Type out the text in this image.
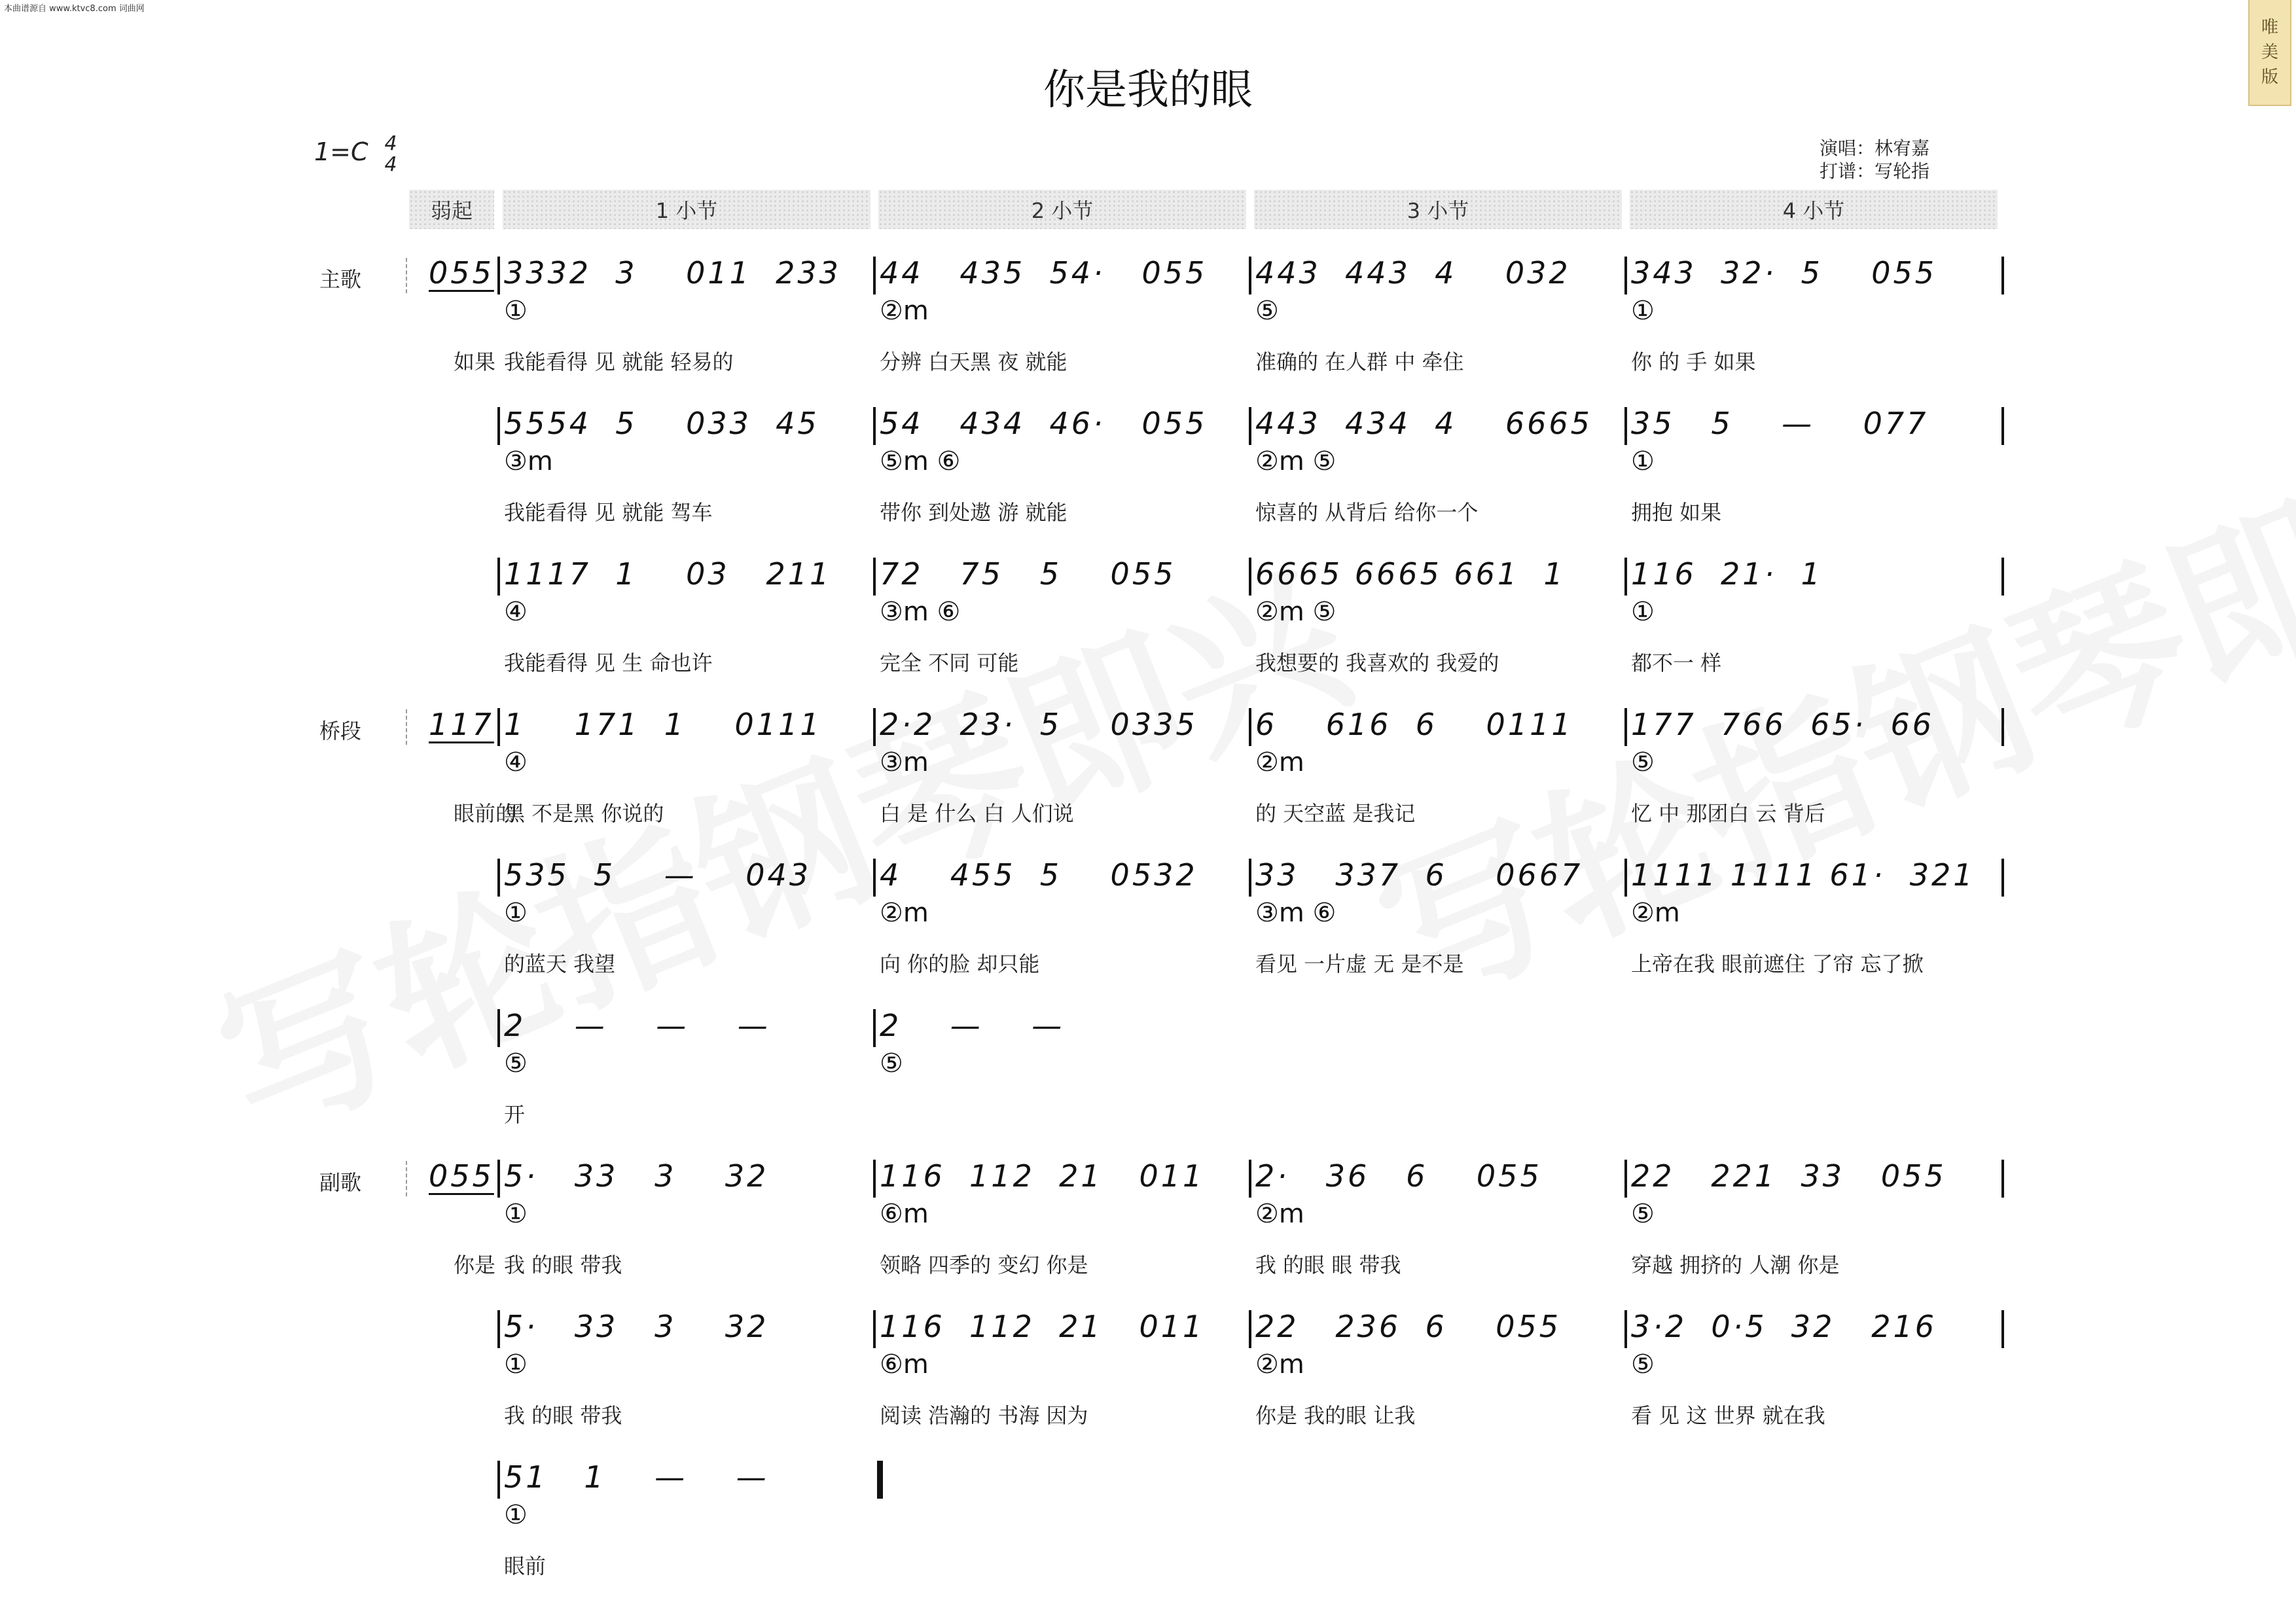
本曲谱源自 www.ktvc8.com 词曲网
唯
美
版
你是我的眼
1=C 4
4
演唱：林宥嘉
打谱：写轮指
弱起	1 小节	2 小节	3 小节	4 小节
主歌 055
如果
3332  3    011  233
①
我能看得 见 就能 轻易的
44   435  54·   055
②m
分辨 白天黑 夜 就能
443  443  4    032
⑤
准确的 在人群 中 牵住
343  32·  5    055
①
你 的 手 如果
5554  5    033  45
③m
我能看得 见 就能 驾车
54   434  46·   055
⑤m ⑥
带你 到处遨 游 就能
443  434  4    6665
②m ⑤
惊喜的 从背后 给你一个
35   5    —    077
①
拥抱 如果
1117  1    03   211
④
我能看得 见 生 命也许
72   75   5    055
③m ⑥
完全 不同 可能
6665 6665 661  1
②m ⑤
我想要的 我喜欢的 我爱的
116  21·  1
①
都不一 样
桥段 117
眼前的
1    171  1    0111
④
黑 不是黑 你说的
2·2  23·  5    0335
③m
白 是 什么 白 人们说
6    616  6    0111
②m
的 天空蓝 是我记
177  766  65·  66
⑤
忆 中 那团白 云 背后
535  5    —    043
①
的蓝天 我望
4    455  5    0532
②m
向 你的脸 却只能
33   337  6    0667
③m ⑥
看见 一片虚 无 是不是
1111 1111 61·  321
②m
上帝在我 眼前遮住 了帘 忘了掀
2    —    —    —
⑤
开
2    —    —
⑤
副歌 055
你是
5·   33   3    32
①
我 的眼 带我
116  112  21   011
⑥m
领略 四季的 变幻 你是
2·   36   6    055
②m
我 的眼 眼 带我
22   221  33   055
⑤
穿越 拥挤的 人潮 你是
5·   33   3    32
①
我 的眼 带我
116  112  21   011
⑥m
阅读 浩瀚的 书海 因为
22   236  6    055
②m
你是 我的眼 让我
3·2  0·5  32   216
⑤
看 见 这 世界 就在我
51   1    —    —
①
眼前
